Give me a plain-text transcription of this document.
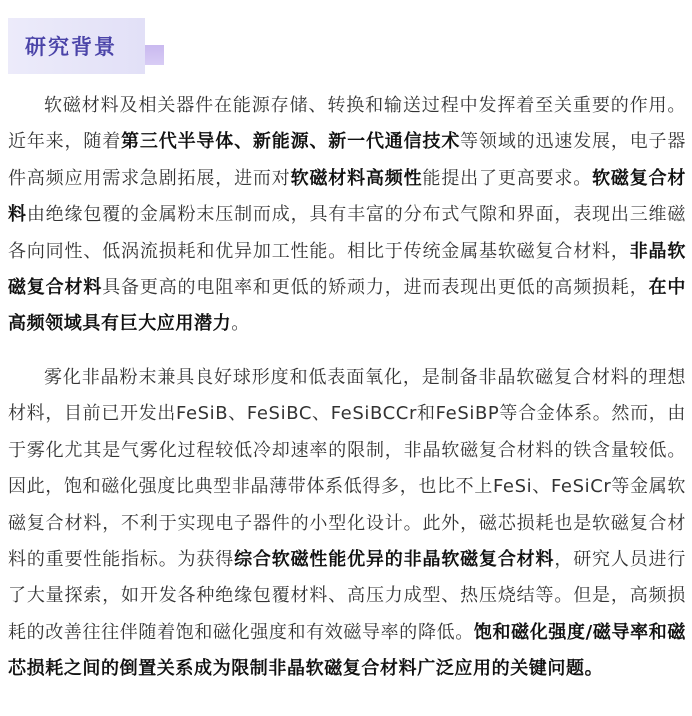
研究背景

软磁材料及相关器件在能源存储、转换和输送过程中发挥着至关重要的作用。近年来，随着第三代半导体、新能源、新一代通信技术等领域的迅速发展，电子器件高频应用需求急剧拓展，进而对软磁材料高频性能提出了更高要求。软磁复合材料由绝缘包覆的金属粉末压制而成，具有丰富的分布式气隙和界面，表现出三维磁各向同性、低涡流损耗和优异加工性能。相比于传统金属基软磁复合材料，非晶软磁复合材料具备更高的电阻率和更低的矫顽力，进而表现出更低的高频损耗，在中高频领域具有巨大应用潜力。

雾化非晶粉末兼具良好球形度和低表面氧化，是制备非晶软磁复合材料的理想材料，目前已开发出FeSiB、FeSiBC、FeSiBCCr和FeSiBP等合金体系。然而，由于雾化尤其是气雾化过程较低冷却速率的限制，非晶软磁复合材料的铁含量较低。因此，饱和磁化强度比典型非晶薄带体系低得多，也比不上FeSi、FeSiCr等金属软磁复合材料，不利于实现电子器件的小型化设计。此外，磁芯损耗也是软磁复合材料的重要性能指标。为获得综合软磁性能优异的非晶软磁复合材料，研究人员进行了大量探索，如开发各种绝缘包覆材料、高压力成型、热压烧结等。但是，高频损耗的改善往往伴随着饱和磁化强度和有效磁导率的降低。饱和磁化强度/磁导率和磁芯损耗之间的倒置关系成为限制非晶软磁复合材料广泛应用的关键问题。
